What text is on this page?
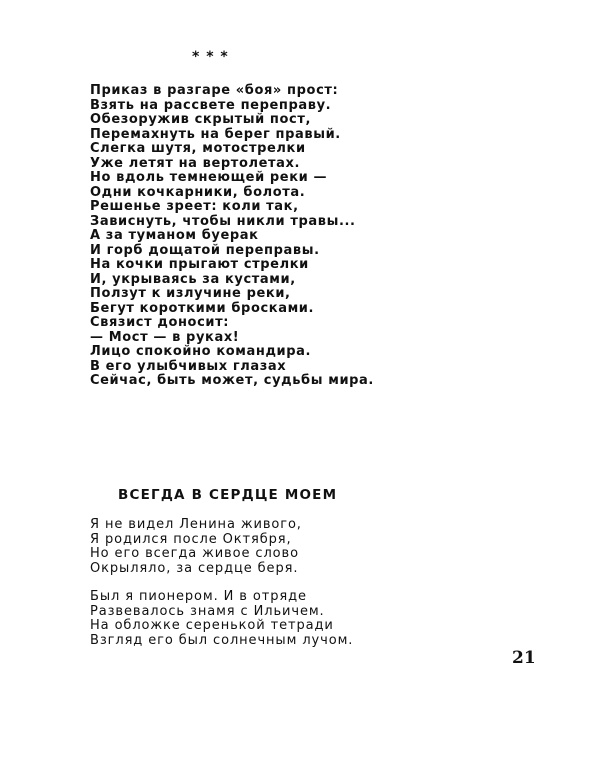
* * *
Приказ в разгаре «боя» прост:
Взять на рассвете переправу.
Обезоружив скрытый пост,
Перемахнуть на берег правый.
Слегка шутя, мотострелки
Уже летят на вертолетах.
Но вдоль темнеющей реки —
Одни кочкарники, болота.
Решенье зреет: коли так,
Зависнуть, чтобы никли травы...
А за туманом буерак
И горб дощатой переправы.
На кочки прыгают стрелки
И, укрываясь за кустами,
Ползут к излучине реки,
Бегут короткими бросками.
Связист доносит:
— Мост — в руках!
Лицо спокойно командира.
В его улыбчивых глазах
Сейчас, быть может, судьбы мира.
ВСЕГДА В СЕРДЦЕ МОЕМ
Я не видел Ленина живого,
Я родился после Октября,
Но его всегда живое слово
Окрыляло, за сердце беря.
Был я пионером. И в отряде
Развевалось знамя с Ильичем.
На обложке серенькой тетради
Взгляд его был солнечным лучом.
21
